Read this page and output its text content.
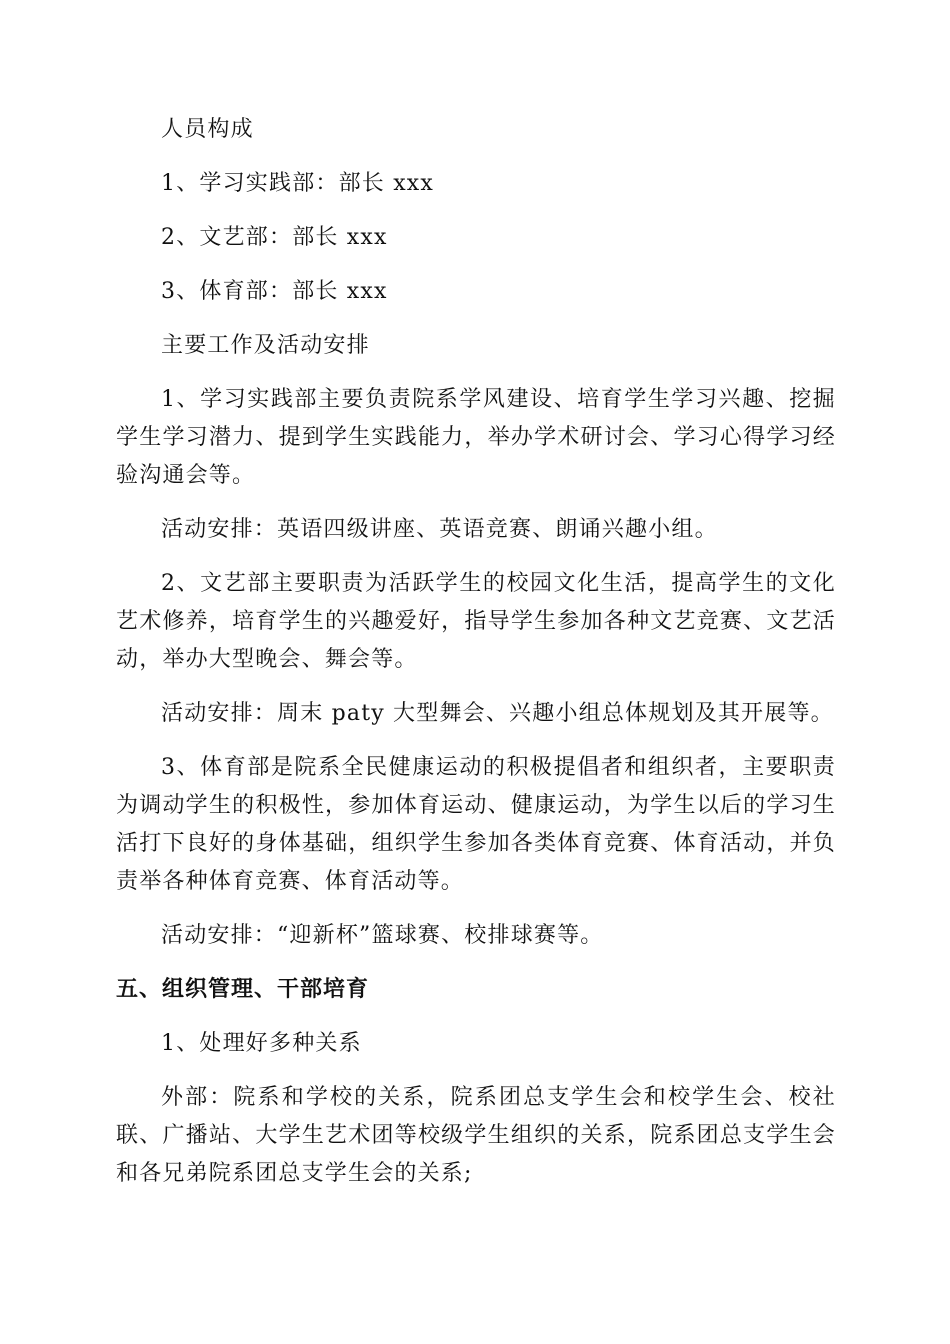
人员构成

1、学习实践部：部长 xxx

2、文艺部：部长 xxx

3、体育部：部长 xxx

主要工作及活动安排

1、学习实践部主要负责院系学风建设、培育学生学习兴趣、挖掘学生学习潜力、提到学生实践能力，举办学术研讨会、学习心得学习经验沟通会等。

活动安排：英语四级讲座、英语竞赛、朗诵兴趣小组。

2、文艺部主要职责为活跃学生的校园文化生活，提高学生的文化艺术修养，培育学生的兴趣爱好，指导学生参加各种文艺竞赛、文艺活动，举办大型晚会、舞会等。

活动安排：周末 paty 大型舞会、兴趣小组总体规划及其开展等。

3、体育部是院系全民健康运动的积极提倡者和组织者，主要职责为调动学生的积极性，参加体育运动、健康运动，为学生以后的学习生活打下良好的身体基础，组织学生参加各类体育竞赛、体育活动，并负责举各种体育竞赛、体育活动等。

活动安排：“迎新杯”篮球赛、校排球赛等。

五、组织管理、干部培育

1、处理好多种关系

外部：院系和学校的关系，院系团总支学生会和校学生会、校社联、广播站、大学生艺术团等校级学生组织的关系，院系团总支学生会和各兄弟院系团总支学生会的关系;
